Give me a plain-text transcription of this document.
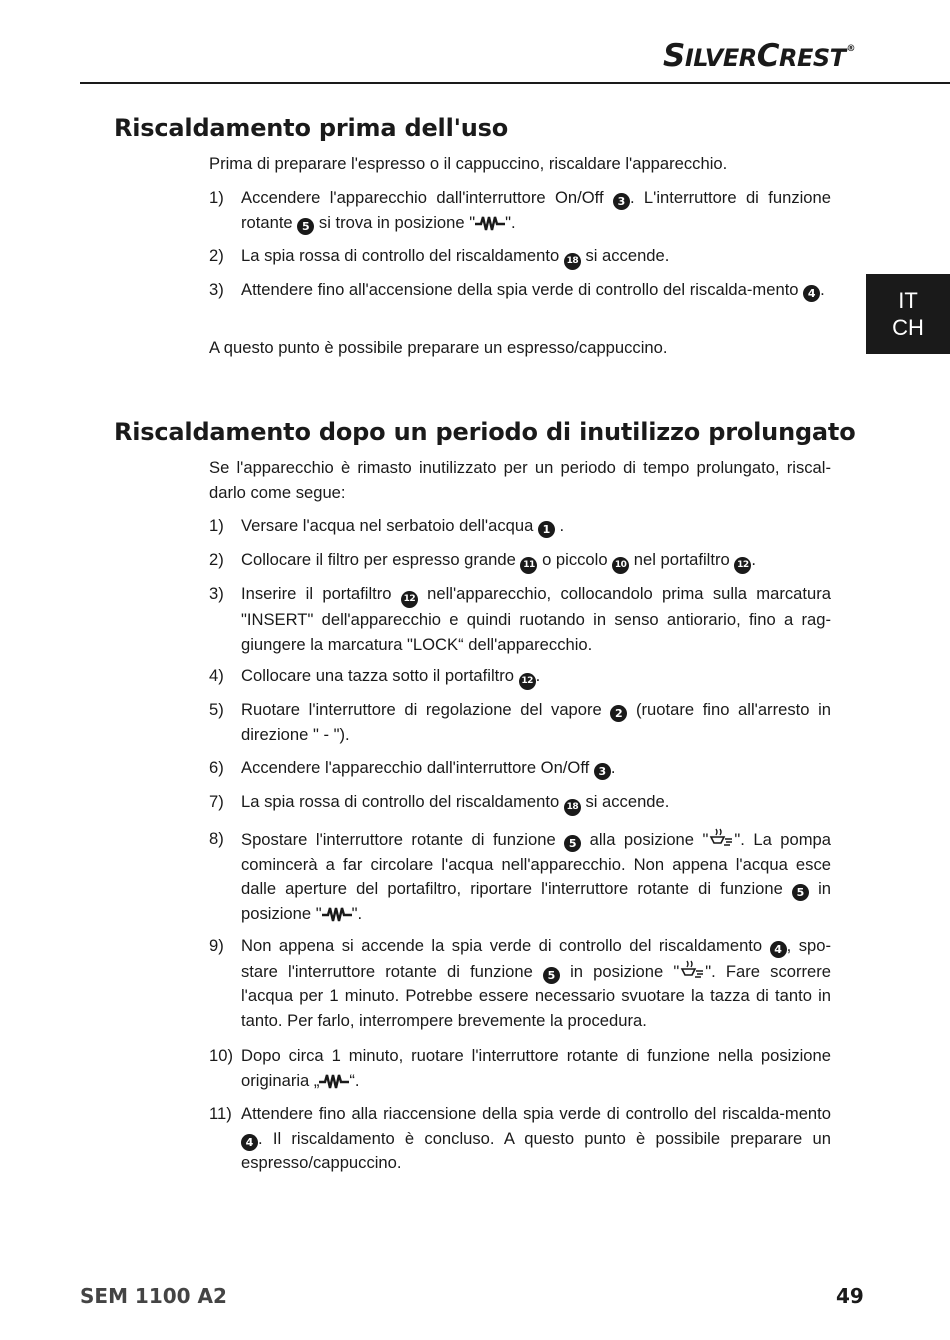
SILVERCREST®
IT
CH
Riscaldamento prima dell'uso

Prima di preparare l'espresso o il cappuccino, riscaldare l'apparecchio.

1) Accendere l'apparecchio dall'interruttore On/Off 3 . L'interruttore di funzione rotante 5 si trova in posizione " ".
2) La spia rossa di controllo del riscaldamento 18 si accende.
3) Attendere fino all'accensione della spia verde di controllo del riscalda-mento 4 .

A questo punto è possibile preparare un espresso/cappuccino.

Riscaldamento dopo un periodo di inutilizzo prolungato

Se l'apparecchio è rimasto inutilizzato per un periodo di tempo prolungato, riscal-darlo come segue:

1) Versare l'acqua nel serbatoio dell'acqua 1 .
2) Collocare il filtro per espresso grande 11 o piccolo 10 nel portafiltro 12 .
3) Inserire il portafiltro 12 nell'apparecchio, collocandolo prima sulla marcatura "INSERT" dell'apparecchio e quindi ruotando in senso antiorario, fino a rag-giungere la marcatura "LOCK“ dell'apparecchio.
4) Collocare una tazza sotto il portafiltro 12 .
5) Ruotare l'interruttore di regolazione del vapore 2 (ruotare fino all'arresto in direzione " - ").
6) Accendere l'apparecchio dall'interruttore On/Off 3 .
7) La spia rossa di controllo del riscaldamento 18 si accende.
8) Spostare l'interruttore rotante di funzione 5 alla posizione " ". La pompa comincerà a far circolare l'acqua nell'apparecchio. Non appena l'acqua esce dalle aperture del portafiltro, riportare l'interruttore rotante di funzione 5 in posizione " ".
9) Non appena si accende la spia verde di controllo del riscaldamento 4 , spo-stare l'interruttore rotante di funzione 5 in posizione " ". Fare scorrere l'acqua per 1 minuto. Potrebbe essere necessario svuotare la tazza di tanto in tanto. Per farlo, interrompere brevemente la procedura.
10) Dopo circa 1 minuto, ruotare l'interruttore rotante di funzione nella posizione originaria „ “.
11) Attendere fino alla riaccensione della spia verde di controllo del riscalda-mento 4 . Il riscaldamento è concluso. A questo punto è possibile preparare un espresso/cappuccino.
SEM 1100 A2	49
